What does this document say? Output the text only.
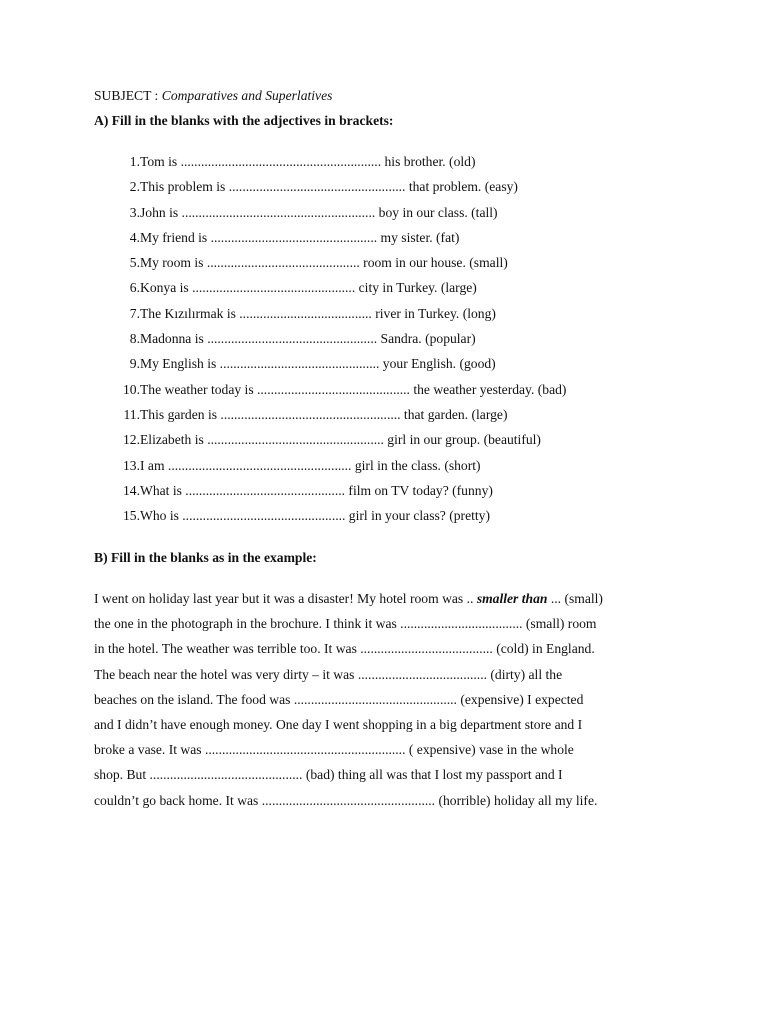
SUBJECT : Comparatives and Superlatives
A) Fill in the blanks with the adjectives in brackets:
1. Tom is ........................................................... his brother. (old)
2. This problem is .................................................... that problem. (easy)
3. John is ......................................................... boy in our class. (tall)
4. My friend is ................................................. my sister. (fat)
5. My room is ............................................. room in our house. (small)
6. Konya is ................................................ city in Turkey. (large)
7. The Kızılırmak is ....................................... river in Turkey. (long)
8. Madonna is .................................................. Sandra. (popular)
9. My English is ............................................... your English. (good)
10. The weather today is ............................................. the weather yesterday. (bad)
11. This garden is ..................................................... that garden. (large)
12. Elizabeth is .................................................... girl in our group. (beautiful)
13. I am ...................................................... girl in the class. (short)
14. What is ............................................... film on TV today? (funny)
15. Who is ................................................ girl in your class? (pretty)
B) Fill in the blanks as in the example:
I went on holiday last year but it was a disaster! My hotel room was .. smaller than ... (small)
the one in the photograph in the brochure. I think it was .................................... (small) room
in the hotel. The weather was terrible too. It was ....................................... (cold) in England.
The beach near the hotel was very dirty – it was ...................................... (dirty) all the
beaches on the island. The food was ................................................ (expensive) I expected
and I didn’t have enough money. One day I went shopping in a big department store and I
broke a vase. It was ........................................................... ( expensive) vase in the whole
shop. But ............................................. (bad) thing all was that I lost my passport and I
couldn’t go back home. It was ................................................... (horrible) holiday all my life.
